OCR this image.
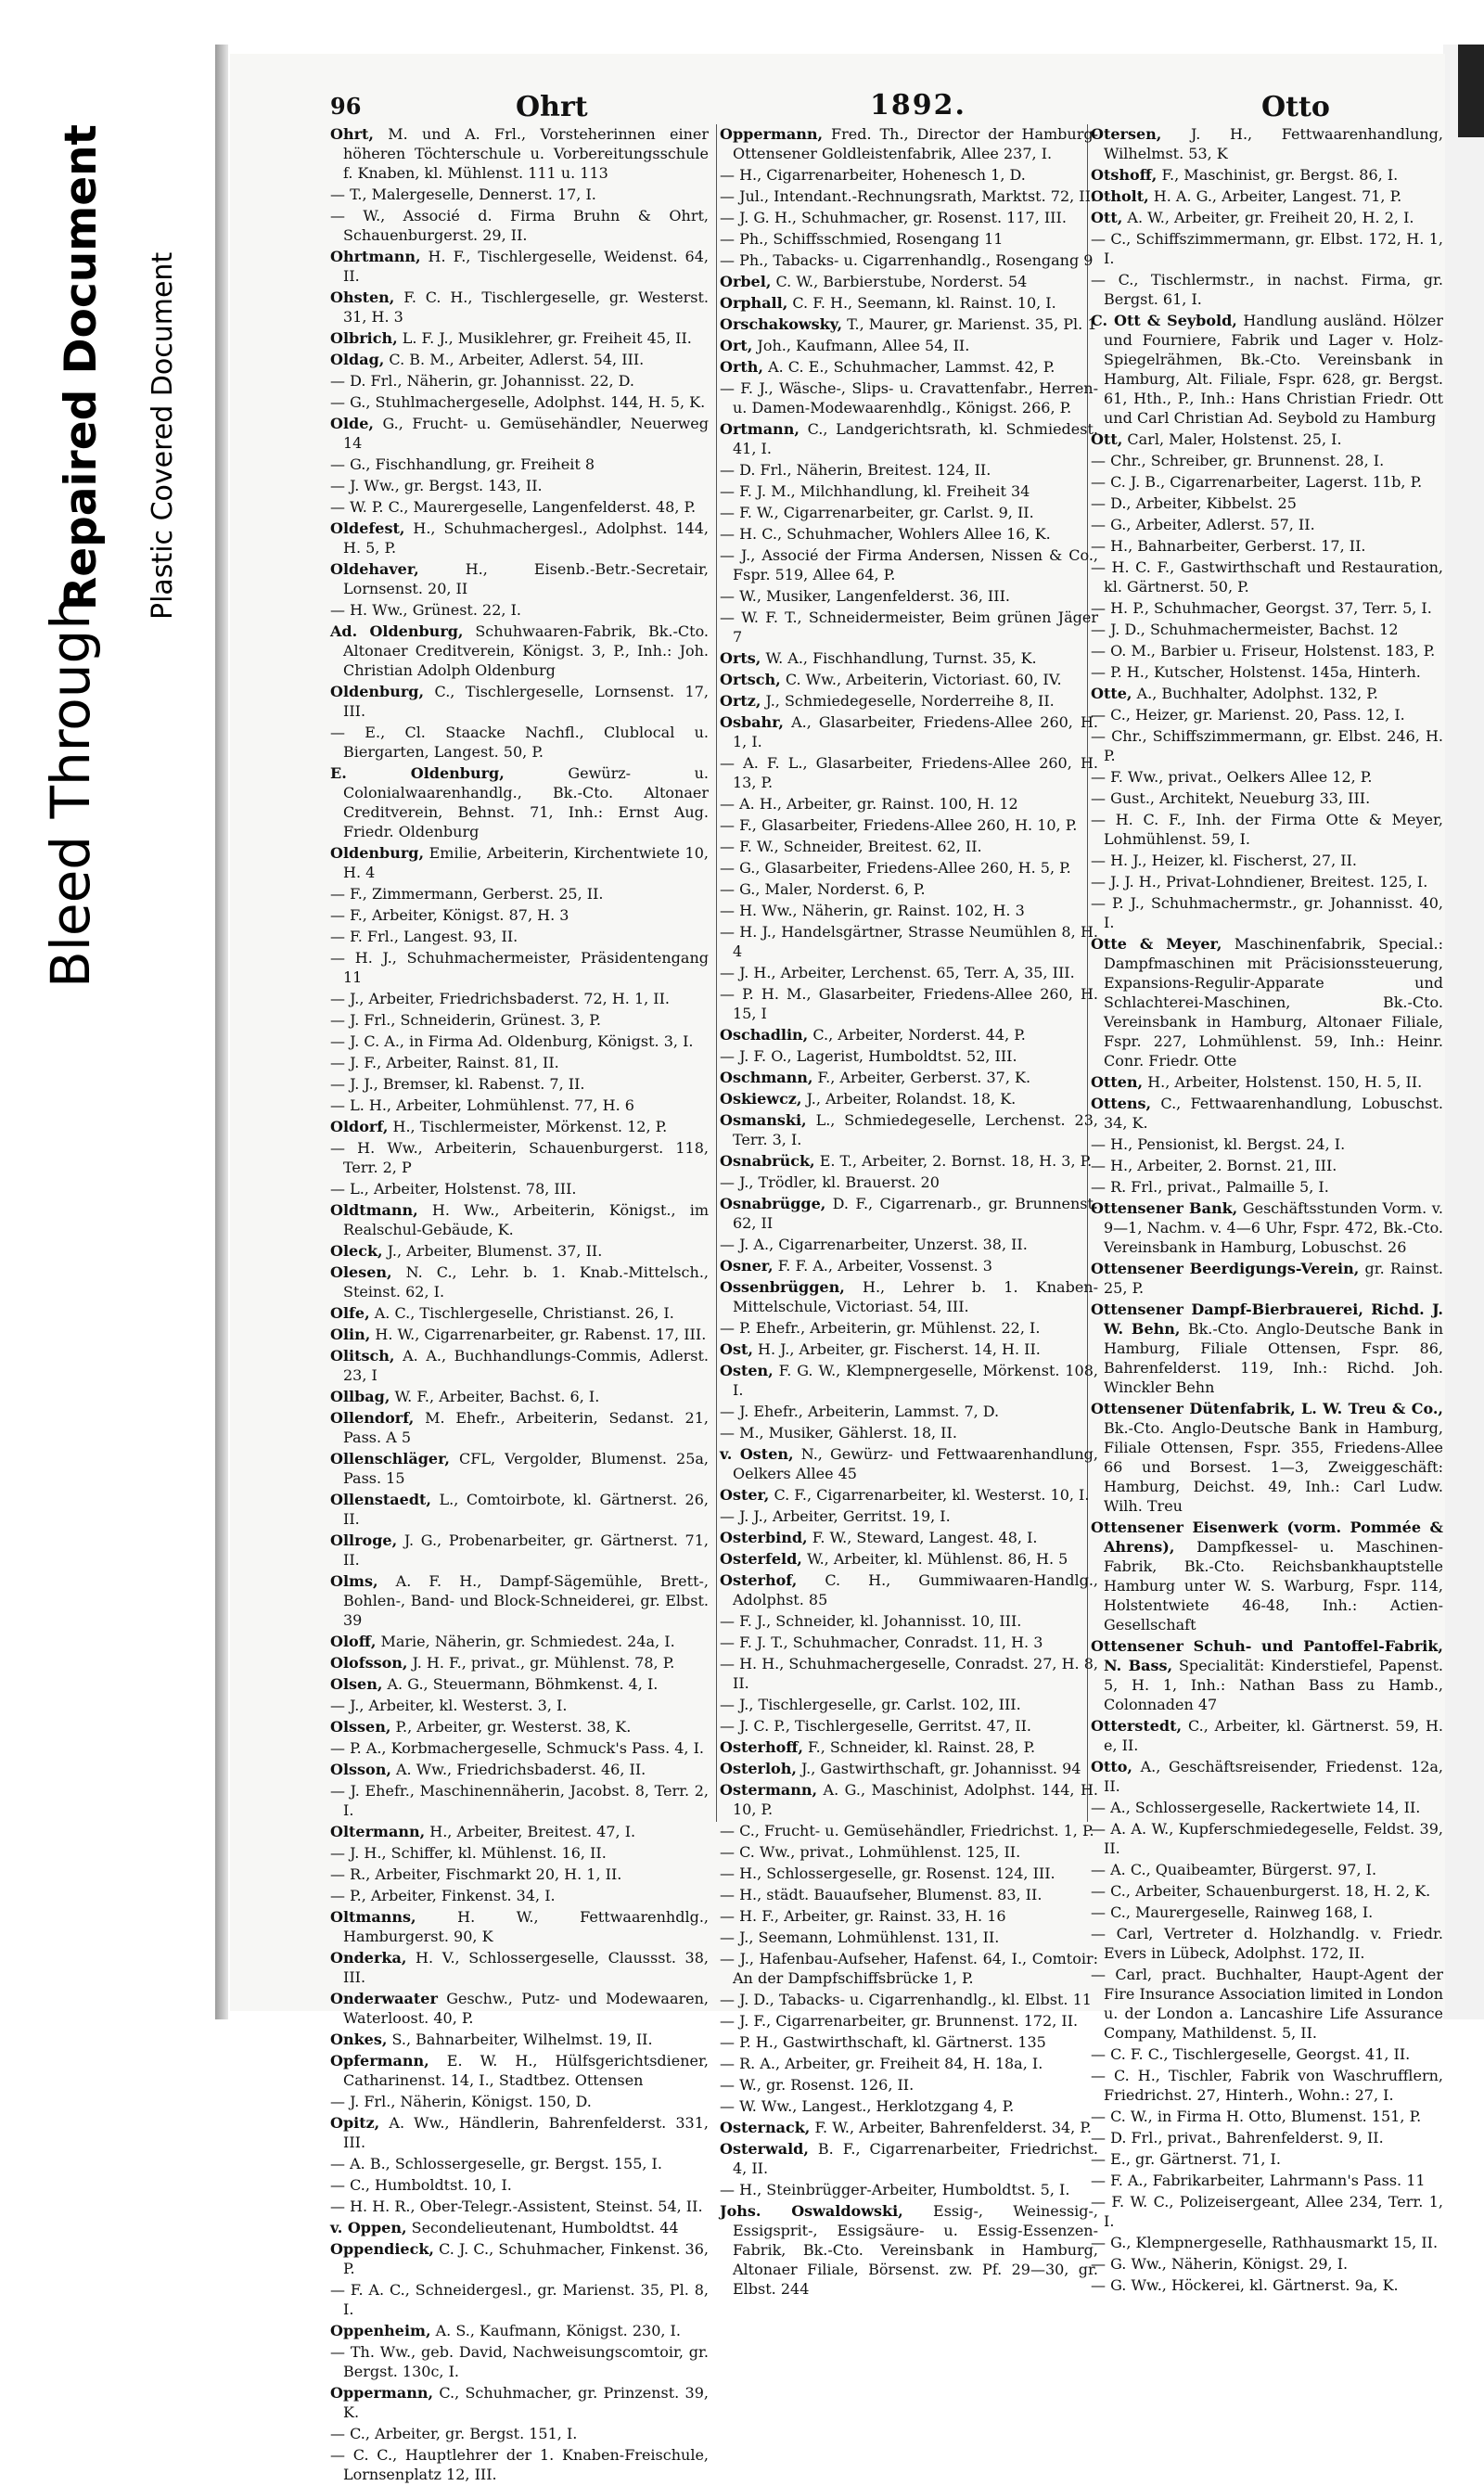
Bleed Through
Repaired Document Plastic Covered Document
96	Ohrt	1892.	Otto
Ohrt, M. und A. Frl., Vorsteherinnen einer höheren Töchterschule u. Vorbereitungsschule f. Knaben, kl. Mühlenst. 111 u. 113
— T., Malergeselle, Dennerst. 17, I.
— W., Associé d. Firma Bruhn & Ohrt, Schauenburgerst. 29, II.
Ohrtmann, H. F., Tischlergeselle, Weidenst. 64, II.
Ohsten, F. C. H., Tischlergeselle, gr. Westerst. 31, H. 3
Olbrich, L. F. J., Musiklehrer, gr. Freiheit 45, II.
Oldag, C. B. M., Arbeiter, Adlerst. 54, III.
— D. Frl., Näherin, gr. Johannisst. 22, D.
— G., Stuhlmachergeselle, Adolphst. 144, H. 5, K.
Olde, G., Frucht- u. Gemüsehändler, Neuerweg 14
— G., Fischhandlung, gr. Freiheit 8
— J. Ww., gr. Bergst. 143, II.
— W. P. C., Maurergeselle, Langenfelderst. 48, P.
Oldefest, H., Schuhmachergesl., Adolphst. 144, H. 5, P.
Oldehaver,	H., Eisenb.-Betr.-Secretair, Lornsenst. 20, II
— H. Ww., Grünest. 22, I.
Ad. Oldenburg, Schuhwaaren-Fabrik, Bk.-Cto. Altonaer Creditverein, Königst. 3, P., Inh.: Joh. Christian Adolph Oldenburg
Oldenburg, C., Tischlergeselle, Lornsenst. 17, III.
— E., Cl. Staacke Nachfl., Clublocal u. Biergarten, Langest. 50, P.
E. Oldenburg,	Gewürz- u. Colonialwaarenhandlg., Bk.-Cto. Altonaer Creditverein, Behnst. 71, Inh.: Ernst Aug. Friedr. Oldenburg
Oldenburg, Emilie, Arbeiterin, Kirchentwiete 10, H. 4
— F., Zimmermann, Gerberst. 25, II.
— F., Arbeiter, Königst. 87, H. 3
— F. Frl., Langest. 93, II.
— H. J., Schuhmachermeister, Präsidentengang 11
— J., Arbeiter, Friedrichsbaderst. 72, H. 1, II.
— J. Frl., Schneiderin, Grünest. 3, P.
— J. C. A., in Firma Ad. Oldenburg, Königst. 3, I.
— J. F., Arbeiter, Rainst. 81, II.
— J. J., Bremser, kl. Rabenst. 7, II.
— L. H., Arbeiter, Lohmühlenst. 77, H. 6
Oldorf, H., Tischlermeister, Mörkenst. 12, P.
— H. Ww., Arbeiterin, Schauenburgerst. 118, Terr. 2, P
— L., Arbeiter, Holstenst. 78, III.
Oldtmann, H. Ww., Arbeiterin, Königst., im Realschul-Gebäude, K.
Oleck, J., Arbeiter, Blumenst. 37, II.
Olesen, N. C., Lehr. b. 1. Knab.-Mittelsch., Steinst. 62, I.
Olfe, A. C., Tischlergeselle, Christianst. 26, I.
Olin, H. W., Cigarrenarbeiter, gr. Rabenst. 17, III.
Olitsch, A. A., Buchhandlungs-Commis, Adlerst. 23, I
Ollbag, W. F., Arbeiter, Bachst. 6, I.
Ollendorf, M. Ehefr., Arbeiterin, Sedanst. 21, Pass. A 5
Ollenschläger, CFL, Vergolder, Blumenst. 25a, Pass. 15
Ollenstaedt, L., Comtoirbote, kl. Gärtnerst. 26, II.
Ollroge, J. G., Probenarbeiter, gr. Gärtnerst. 71, II.
Olms, A. F. H., Dampf-Sägemühle, Brett-, Bohlen-, Band- und Block-Schneiderei, gr. Elbst. 39
Oloff, Marie, Näherin, gr. Schmiedest. 24a, I.
Olofsson, J. H. F., privat., gr. Mühlenst. 78, P.
Olsen, A. G., Steuermann, Böhmkenst. 4, I.
— J., Arbeiter, kl. Westerst. 3, I.
Olssen, P., Arbeiter, gr. Westerst. 38, K.
— P. A., Korbmachergeselle, Schmuck's Pass. 4, I.
Olsson, A. Ww., Friedrichsbaderst. 46, II.
— J. Ehefr., Maschinennäherin, Jacobst. 8, Terr. 2, I.
Oltermann, H., Arbeiter, Breitest. 47, I.
— J. H., Schiffer, kl. Mühlenst. 16, II.
— R., Arbeiter, Fischmarkt 20, H. 1, II.
— P., Arbeiter, Finkenst. 34, I.
Oltmanns,	H. W., Fettwaarenhdlg., Hamburgerst. 90, K
Onderka, H. V., Schlossergeselle, Claussst. 38, III.
Onderwaater Geschw., Putz- und Modewaaren, Waterloost. 40, P.
Onkes, S., Bahnarbeiter, Wilhelmst. 19, II.
Opfermann, E. W. H., Hülfsgerichtsdiener, Catharinenst. 14, I., Stadtbez. Ottensen
— J. Frl., Näherin, Königst. 150, D.
Opitz, A. Ww., Händlerin, Bahrenfelderst. 331, III.
— A. B., Schlossergeselle, gr. Bergst. 155, I.
— C., Humboldtst. 10, I.
— H. H. R., Ober-Telegr.-Assistent, Steinst. 54, II.
v. Oppen, Secondelieutenant, Humboldtst. 44
Oppendieck, C. J. C., Schuhmacher, Finkenst. 36, P.
— F. A. C., Schneidergesl., gr. Marienst. 35, Pl. 8, I.
Oppenheim, A. S., Kaufmann, Königst. 230, I.
— Th. Ww., geb. David, Nachweisungscomtoir, gr. Bergst. 130c, I.
Oppermann, C., Schuhmacher, gr. Prinzenst. 39, K.
— C., Arbeiter, gr. Bergst. 151, I.
— C. C., Hauptlehrer der 1. Knaben-Freischule, Lornsenplatz 12, III.
Oppermann, Fred. Th., Director der Hamburg-Ottensener Goldleistenfabrik, Allee 237, I.
— H., Cigarrenarbeiter, Hohenesch 1, D.
— Jul., Intendant.-Rechnungsrath, Marktst. 72, II.
— J. G. H., Schuhmacher, gr. Rosenst. 117, III.
— Ph., Schiffsschmied, Rosengang 11
— Ph., Tabacks- u. Cigarrenhandlg., Rosengang 9
Orbel, C. W., Barbierstube, Norderst. 54
Orphall, C. F. H., Seemann, kl. Rainst. 10, I.
Orschakowsky, T., Maurer, gr. Marienst. 35, Pl. 1
Ort, Joh., Kaufmann, Allee 54, II.
Orth, A. C. E., Schuhmacher, Lammst. 42, P.
— F. J., Wäsche-, Slips- u. Cravattenfabr., Herren- u. Damen-Modewaarenhdlg., Königst. 266, P.
Ortmann, C., Landgerichtsrath, kl. Schmiedest. 41, I.
— D. Frl., Näherin, Breitest. 124, II.
— F. J. M., Milchhandlung, kl. Freiheit 34
— F. W., Cigarrenarbeiter, gr. Carlst. 9, II.
— H. C., Schuhmacher, Wohlers Allee 16, K.
— J., Associé der Firma Andersen, Nissen & Co., Fspr. 519, Allee 64, P.
— W., Musiker, Langenfelderst. 36, III.
— W. F. T., Schneidermeister, Beim grünen Jäger 7
Orts, W. A., Fischhandlung, Turnst. 35, K.
Ortsch, C. Ww., Arbeiterin, Victoriast. 60, IV.
Ortz, J., Schmiedegeselle, Norderreihe 8, II.
Osbahr, A., Glasarbeiter, Friedens-Allee 260, H. 1, I.
— A. F. L., Glasarbeiter, Friedens-Allee 260, H. 13, P.
— A. H., Arbeiter, gr. Rainst. 100, H. 12
— F., Glasarbeiter, Friedens-Allee 260, H. 10, P.
— F. W., Schneider, Breitest. 62, II.
— G., Glasarbeiter, Friedens-Allee 260, H. 5, P.
— G., Maler, Norderst. 6, P.
— H. Ww., Näherin, gr. Rainst. 102, H. 3
— H. J., Handelsgärtner, Strasse Neumühlen 8, H. 4
— J. H., Arbeiter, Lerchenst. 65, Terr. A, 35, III.
— P. H. M., Glasarbeiter, Friedens-Allee 260, H. 15, I
Oschadlin, C., Arbeiter, Norderst. 44, P.
— J. F. O., Lagerist, Humboldtst. 52, III.
Oschmann, F., Arbeiter, Gerberst. 37, K.
Oskiewcz, J., Arbeiter, Rolandst. 18, K.
Osmanski, L., Schmiedegeselle, Lerchenst. 23, Terr. 3, I.
Osnabrück, E. T., Arbeiter, 2. Bornst. 18, H. 3, P.
— J., Trödler, kl. Brauerst. 20
Osnabrügge, D. F., Cigarrenarb., gr. Brunnenst. 62, II
— J. A., Cigarrenarbeiter, Unzerst. 38, II.
Osner, F. F. A., Arbeiter, Vossenst. 3
Ossenbrüggen, H., Lehrer b. 1. Knaben-Mittelschule, Victoriast. 54, III.
— P. Ehefr., Arbeiterin, gr. Mühlenst. 22, I.
Ost, H. J., Arbeiter, gr. Fischerst. 14, H. II.
Osten, F. G. W., Klempnergeselle, Mörkenst. 108, I.
— J. Ehefr., Arbeiterin, Lammst. 7, D.
— M., Musiker, Gählerst. 18, II.
v. Osten, N., Gewürz- und Fettwaarenhandlung, Oelkers Allee 45
Oster, C. F., Cigarrenarbeiter, kl. Westerst. 10, I.
— J. J., Arbeiter, Gerritst. 19, I.
Osterbind, F. W., Steward, Langest. 48, I.
Osterfeld, W., Arbeiter, kl. Mühlenst. 86, H. 5
Osterhof, C. H., Gummiwaaren-Handlg., Adolphst. 85
— F. J., Schneider, kl. Johannisst. 10, III.
— F. J. T., Schuhmacher, Conradst. 11, H. 3
— H. H., Schuhmachergeselle, Conradst. 27, H. 8, II.
— J., Tischlergeselle, gr. Carlst. 102, III.
— J. C. P., Tischlergeselle, Gerritst. 47, II.
Osterhoff, F., Schneider, kl. Rainst. 28, P.
Osterloh, J., Gastwirthschaft, gr. Johannisst. 94
Ostermann, A. G., Maschinist, Adolphst. 144, H. 10, P.
— C., Frucht- u. Gemüsehändler, Friedrichst. 1, P.
— C. Ww., privat., Lohmühlenst. 125, II.
— H., Schlossergeselle, gr. Rosenst. 124, III.
— H., städt. Bauaufseher, Blumenst. 83, II.
— H. F., Arbeiter, gr. Rainst. 33, H. 16
— J., Seemann, Lohmühlenst. 131, II.
— J., Hafenbau-Aufseher, Hafenst. 64, I., Comtoir: An der Dampfschiffsbrücke 1, P.
— J. D., Tabacks- u. Cigarrenhandlg., kl. Elbst. 11
— J. F., Cigarrenarbeiter, gr. Brunnenst. 172, II.
— P. H., Gastwirthschaft, kl. Gärtnerst. 135
— R. A., Arbeiter, gr. Freiheit 84, H. 18a, I.
— W., gr. Rosenst. 126, II.
— W. Ww., Langest., Herklotzgang 4, P.
Osternack, F. W., Arbeiter, Bahrenfelderst. 34, P.
Osterwald, B. F., Cigarrenarbeiter, Friedrichst. 4, II.
— H., Steinbrügger-Arbeiter, Humboldtst. 5, I.
Johs. Oswaldowski, Essig-, Weinessig-, Essigsprit-, Essigsäure- u. Essig-Essenzen-Fabrik, Bk.-Cto. Vereinsbank in Hamburg, Altonaer Filiale, Börsenst. zw. Pf. 29—30, gr. Elbst. 244
Otersen, J. H., Fettwaarenhandlung, Wilhelmst. 53, K
Otshoff, F., Maschinist, gr. Bergst. 86, I.
Otholt, H. A. G., Arbeiter, Langest. 71, P.
Ott, A. W., Arbeiter, gr. Freiheit 20, H. 2, I.
— C., Schiffszimmermann, gr. Elbst. 172, H. 1, I.
— C., Tischlermstr., in nachst. Firma, gr. Bergst. 61, I.
C. Ott & Seybold, Handlung ausländ. Hölzer und Fourniere, Fabrik und Lager v. Holz-Spiegelrähmen, Bk.-Cto. Vereinsbank in Hamburg, Alt. Filiale, Fspr. 628, gr. Bergst. 61, Hth., P., Inh.: Hans Christian Friedr. Ott und Carl Christian Ad. Seybold zu Hamburg
Ott, Carl, Maler, Holstenst. 25, I.
— Chr., Schreiber, gr. Brunnenst. 28, I.
— C. J. B., Cigarrenarbeiter, Lagerst. 11b, P.
— D., Arbeiter, Kibbelst. 25
— G., Arbeiter, Adlerst. 57, II.
— H., Bahnarbeiter, Gerberst. 17, II.
— H. C. F., Gastwirthschaft und Restauration, kl. Gärtnerst. 50, P.
— H. P., Schuhmacher, Georgst. 37, Terr. 5, I.
— J. D., Schuhmachermeister, Bachst. 12
— O. M., Barbier u. Friseur, Holstenst. 183, P.
— P. H., Kutscher, Holstenst. 145a, Hinterh.
Otte, A., Buchhalter, Adolphst. 132, P.
— C., Heizer, gr. Marienst. 20, Pass. 12, I.
— Chr., Schiffszimmermann, gr. Elbst. 246, H. P.
— F. Ww., privat., Oelkers Allee 12, P.
— Gust., Architekt, Neueburg 33, III.
— H. C. F., Inh. der Firma Otte & Meyer, Lohmühlenst. 59, I.
— H. J., Heizer, kl. Fischerst, 27, II.
— J. J. H., Privat-Lohndiener, Breitest. 125, I.
— P. J., Schuhmachermstr., gr. Johannisst. 40, I.
Otte & Meyer, Maschinenfabrik, Special.: Dampfmaschinen mit Präcisionssteuerung, Expansions-Regulir-Apparate und Schlachterei-Maschinen, Bk.-Cto. Vereinsbank in Hamburg, Altonaer Filiale, Fspr. 227, Lohmühlenst. 59, Inh.: Heinr. Conr. Friedr. Otte
Otten, H., Arbeiter, Holstenst. 150, H. 5, II.
Ottens, C., Fettwaarenhandlung, Lobuschst. 34, K.
— H., Pensionist, kl. Bergst. 24, I.
— H., Arbeiter, 2. Bornst. 21, III.
— R. Frl., privat., Palmaille 5, I.
Ottensener Bank, Geschäftsstunden Vorm. v. 9—1, Nachm. v. 4—6 Uhr, Fspr. 472, Bk.-Cto. Vereinsbank in Hamburg, Lobuschst. 26
Ottensener Beerdigungs-Verein, gr. Rainst. 25, P.
Ottensener Dampf-Bierbrauerei, Richd. J. W. Behn, Bk.-Cto. Anglo-Deutsche Bank in Hamburg, Filiale Ottensen, Fspr. 86, Bahrenfelderst. 119, Inh.: Richd. Joh. Winckler Behn
Ottensener Dütenfabrik, L. W. Treu & Co., Bk.-Cto. Anglo-Deutsche Bank in Hamburg, Filiale Ottensen, Fspr. 355, Friedens-Allee 66 und Borsest. 1—3, Zweiggeschäft: Hamburg, Deichst. 49, Inh.: Carl Ludw. Wilh. Treu
Ottensener Eisenwerk (vorm. Pommée & Ahrens), Dampfkessel- u. Maschinen-Fabrik, Bk.-Cto. Reichsbankhauptstelle Hamburg unter W. S. Warburg, Fspr. 114, Holstentwiete 46-48, Inh.: Actien-Gesellschaft
Ottensener Schuh- und Pantoffel-Fabrik, N. Bass, Specialität: Kinderstiefel, Papenst. 5, H. 1, Inh.: Nathan Bass zu Hamb., Colonnaden 47
Otterstedt, C., Arbeiter, kl. Gärtnerst. 59, H. e, II.
Otto, A., Geschäftsreisender, Friedenst. 12a, II.
— A., Schlossergeselle, Rackertwiete 14, II.
— A. A. W., Kupferschmiedegeselle, Feldst. 39, II.
— A. C., Quaibeamter, Bürgerst. 97, I.
— C., Arbeiter, Schauenburgerst. 18, H. 2, K.
— C., Maurergeselle, Rainweg 168, I.
— Carl, Vertreter d. Holzhandlg. v. Friedr. Evers in Lübeck, Adolphst. 172, II.
— Carl, pract. Buchhalter, Haupt-Agent der Fire Insurance Association limited in London u. der London a. Lancashire Life Assurance Company, Mathildenst. 5, II.
— C. F. C., Tischlergeselle, Georgst. 41, II.
— C. H., Tischler, Fabrik von Waschrufflern, Friedrichst. 27, Hinterh., Wohn.: 27, I.
— C. W., in Firma H. Otto, Blumenst. 151, P.
— D. Frl., privat., Bahrenfelderst. 9, II.
— E., gr. Gärtnerst. 71, I.
— F. A., Fabrikarbeiter, Lahrmann's Pass. 11
— F. W. C., Polizeisergeant, Allee 234, Terr. 1, I.
— G., Klempnergeselle, Rathhausmarkt 15, II.
— G. Ww., Näherin, Königst. 29, I.
— G. Ww., Höckerei, kl. Gärtnerst. 9a, K.
